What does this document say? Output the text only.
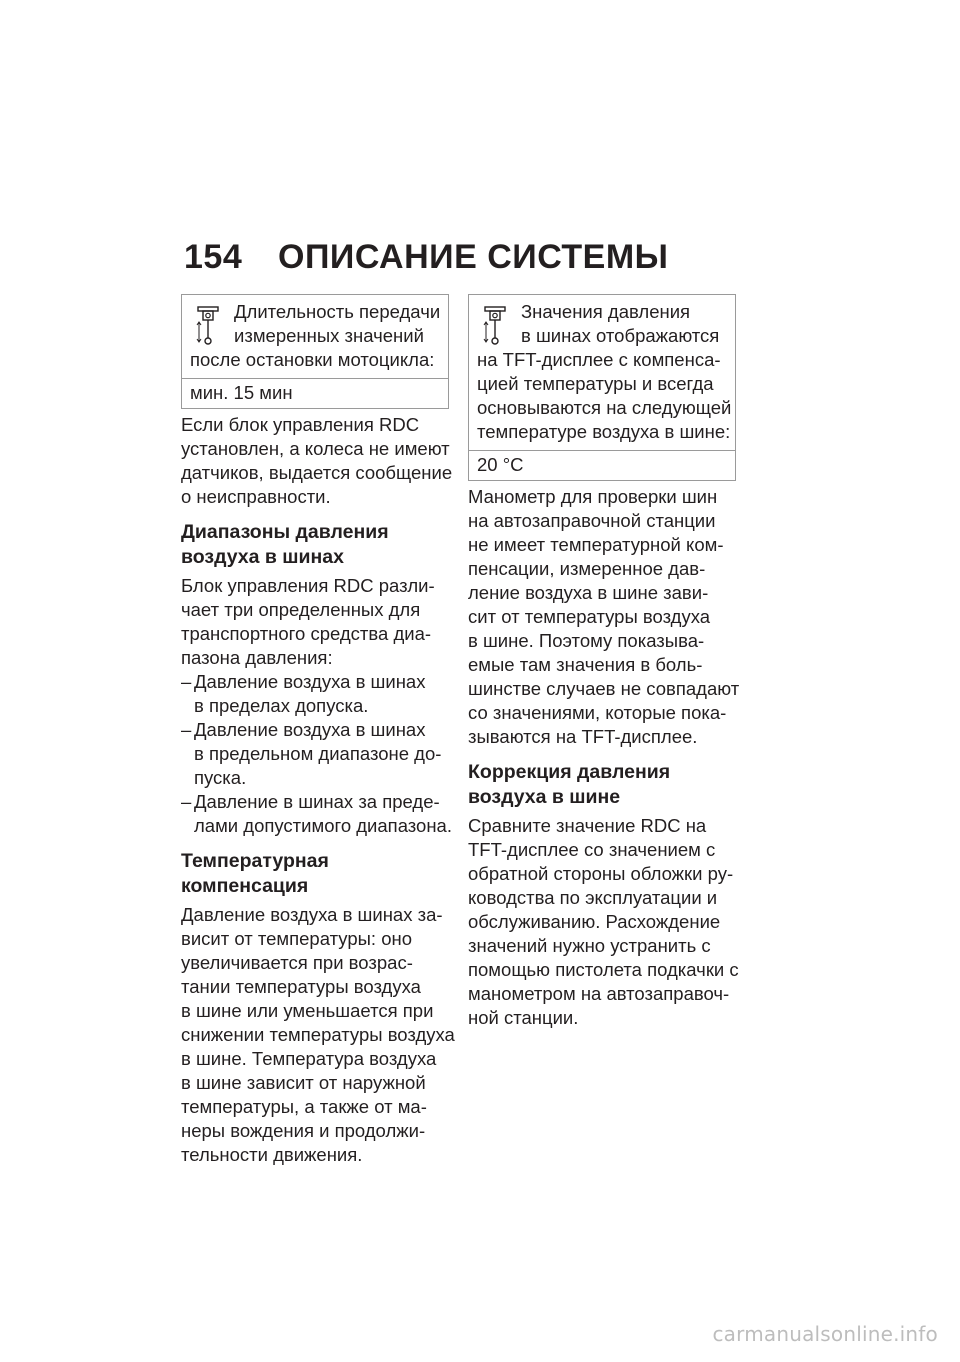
154 ОПИСАНИЕ СИСТЕМЫ
Длительность передачи
измеренных значений
после остановки мотоцикла:
мин. 15 мин
Если блок управления RDC
установлен, а колеса не имеют
датчиков, выдается сообщение
о неисправности.
Диапазоны давления
воздуха в шинах
Блок управления RDC разли-
чает три определенных для
транспортного средства диа-
пазона давления:
– Давление воздуха в шинах
в пределах допуска.
– Давление воздуха в шинах
в предельном диапазоне до-
пуска.
– Давление в шинах за преде-
лами допустимого диапазона.
Температурная
компенсация
Давление воздуха в шинах за-
висит от температуры: оно
увеличивается при возрас-
тании температуры воздуха
в шине или уменьшается при
снижении температуры воздуха
в шине. Температура воздуха
в шине зависит от наружной
температуры, а также от ма-
неры вождения и продолжи-
тельности движения.
Значения давления
в шинах отображаются
на TFT-дисплее с компенса-
цией температуры и всегда
основываются на следующей
температуре воздуха в шине:
20 °C
Манометр для проверки шин
на автозаправочной станции
не имеет температурной ком-
пенсации, измеренное дав-
ление воздуха в шине зави-
сит от температуры воздуха
в шине. Поэтому показыва-
емые там значения в боль-
шинстве случаев не совпадают
со значениями, которые пока-
зываются на TFT-дисплее.
Коррекция давления
воздуха в шине
Сравните значение RDC на
TFT-дисплее со значением с
обратной стороны обложки ру-
ководства по эксплуатации и
обслуживанию. Расхождение
значений нужно устранить с
помощью пистолета подкачки с
манометром на автозаправоч-
ной станции.
carmanualsonline.info
